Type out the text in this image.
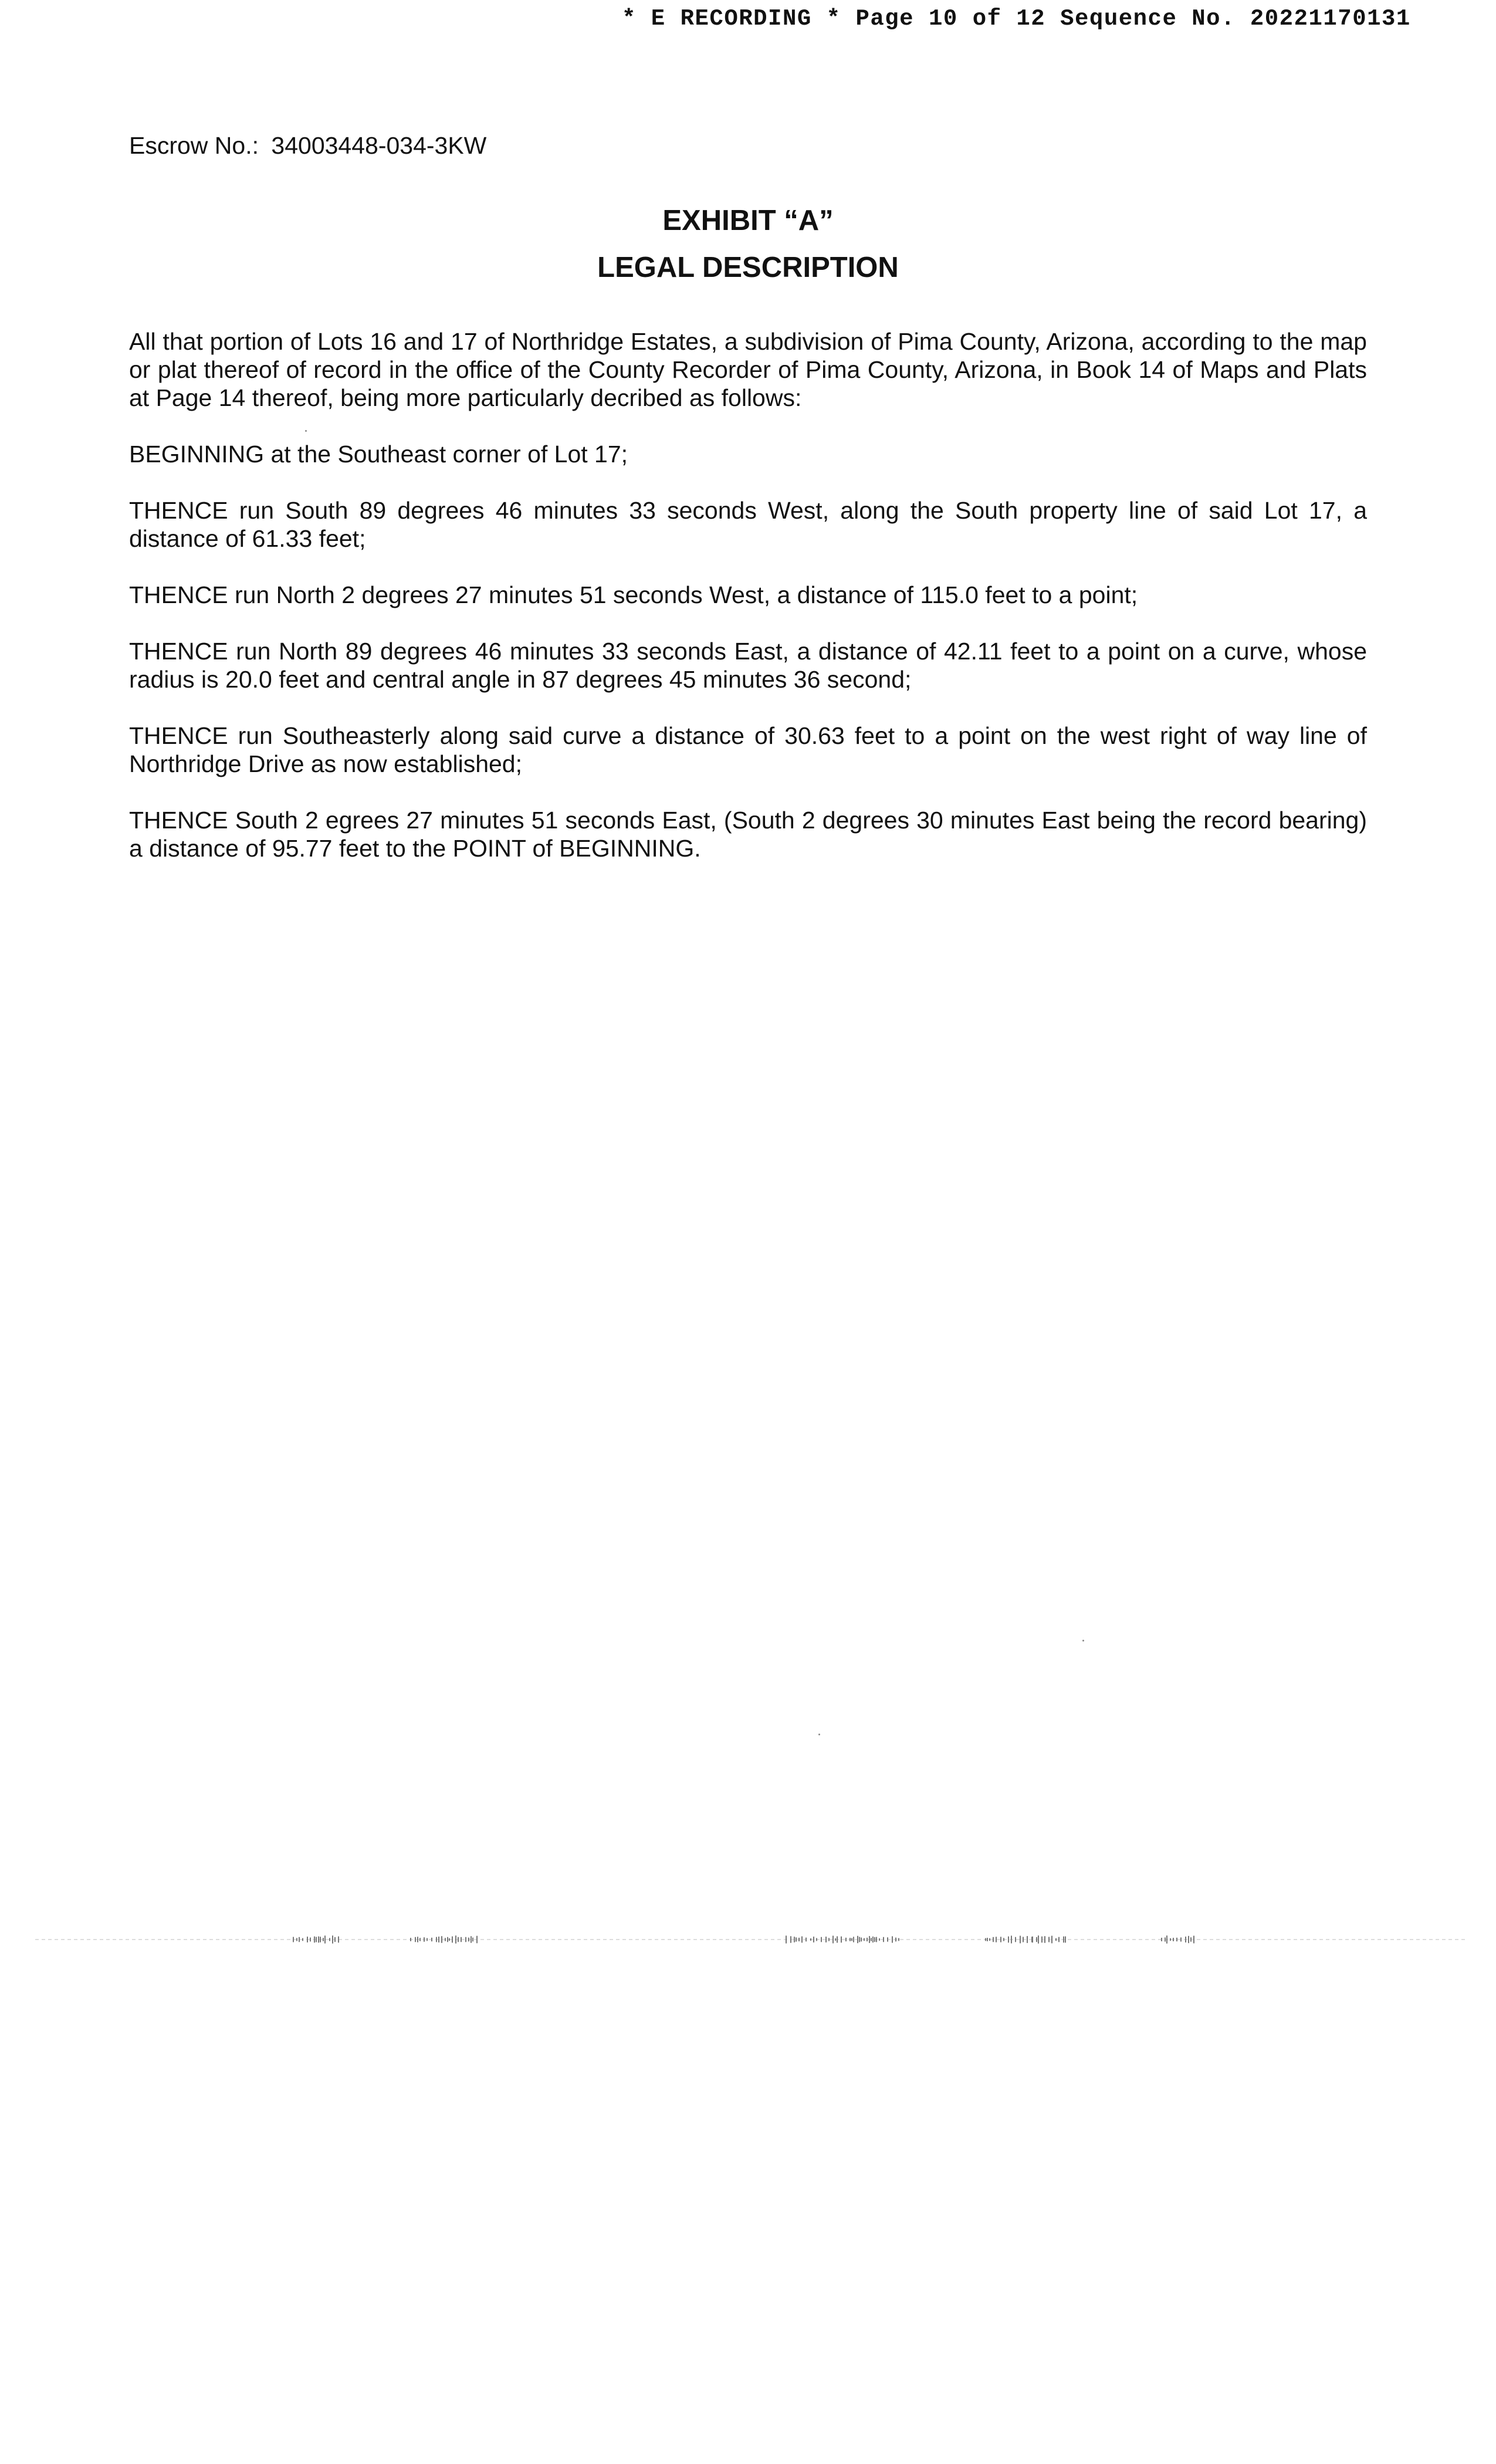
* E RECORDING * Page 10 of 12 Sequence No. 20221170131
Escrow No.: 34003448-034-3KW
EXHIBIT “A”
LEGAL DESCRIPTION

All that portion of Lots 16 and 17 of Northridge Estates, a subdivision of Pima County, Arizona, according to the map or plat thereof of record in the office of the County Recorder of Pima County, Arizona, in Book 14 of Maps and Plats at Page 14 thereof, being more particularly decribed as follows:

BEGINNING at the Southeast corner of Lot 17;

THENCE run South 89 degrees 46 minutes 33 seconds West, along the South property line of said Lot 17, a distance of 61.33 feet;

THENCE run North 2 degrees 27 minutes 51 seconds West, a distance of 115.0 feet to a point;

THENCE run North 89 degrees 46 minutes 33 seconds East, a distance of 42.11 feet to a point on a curve, whose radius is 20.0 feet and central angle in 87 degrees 45 minutes 36 second;

THENCE run Southeasterly along said curve a distance of 30.63 feet to a point on the west right of way line of Northridge Drive as now established;

THENCE South 2 egrees 27 minutes 51 seconds East, (South 2 degrees 30 minutes East being the record bearing) a distance of 95.77 feet to the POINT of BEGINNING.
